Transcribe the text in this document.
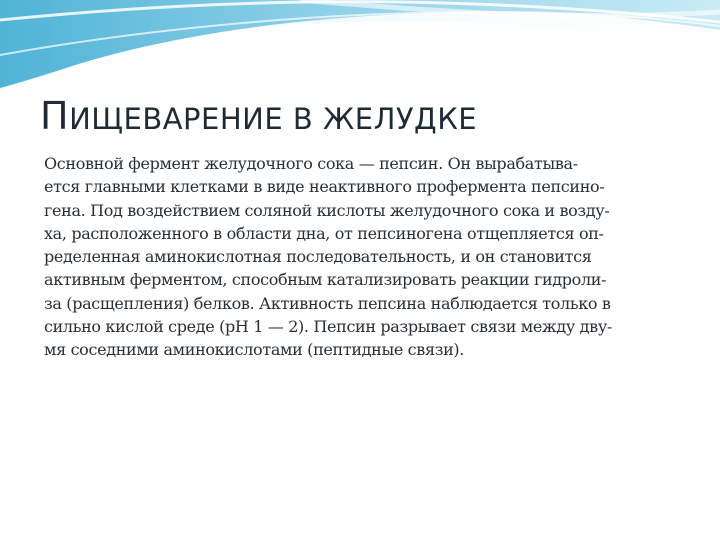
ПИЩЕВАРЕНИЕ В ЖЕЛУДКЕ

Основной фермент желудочного сока — пепсин. Он вырабатыва-
ется главными клетками в виде неактивного профермента пепсино-
гена. Под воздействием соляной кислоты желудочного сока и возду-
ха, расположенного в области дна, от пепсиногена отщепляется оп-
ределенная аминокислотная последовательность, и он становится
активным ферментом, способным катализировать реакции гидроли-
за (расщепления) белков. Активность пепсина наблюдается только в
сильно кислой среде (pH 1 — 2). Пепсин разрывает связи между дву-
мя соседними аминокислотами (пептидные связи).
